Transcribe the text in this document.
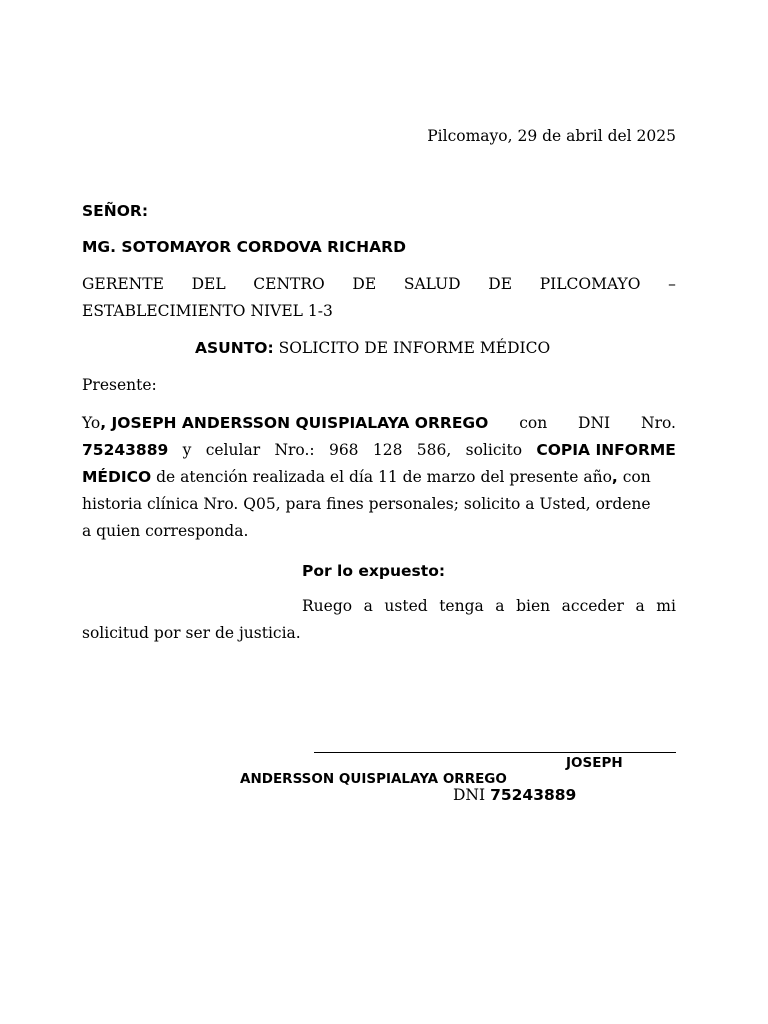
Pilcomayo, 29 de abril del 2025
SEÑOR:
MG. SOTOMAYOR CORDOVA RICHARD
GERENTE DEL CENTRO DE SALUD DE PILCOMAYO –
ESTABLECIMIENTO NIVEL 1-3
ASUNTO: SOLICITO DE INFORME MÉDICO
Presente:
Yo, JOSEPH ANDERSSON QUISPIALAYA ORREGO con DNI Nro.
75243889 y celular Nro.: 968 128 586, solicito COPIA INFORME
MÉDICO de atención realizada el día 11 de marzo del presente año, con
historia clínica Nro. Q05, para fines personales; solicito a Usted, ordene
a quien corresponda.
Por lo expuesto:
Ruego a usted tenga a bien acceder a mi
solicitud por ser de justicia.
JOSEPH
ANDERSSON QUISPIALAYA ORREGO
DNI 75243889
